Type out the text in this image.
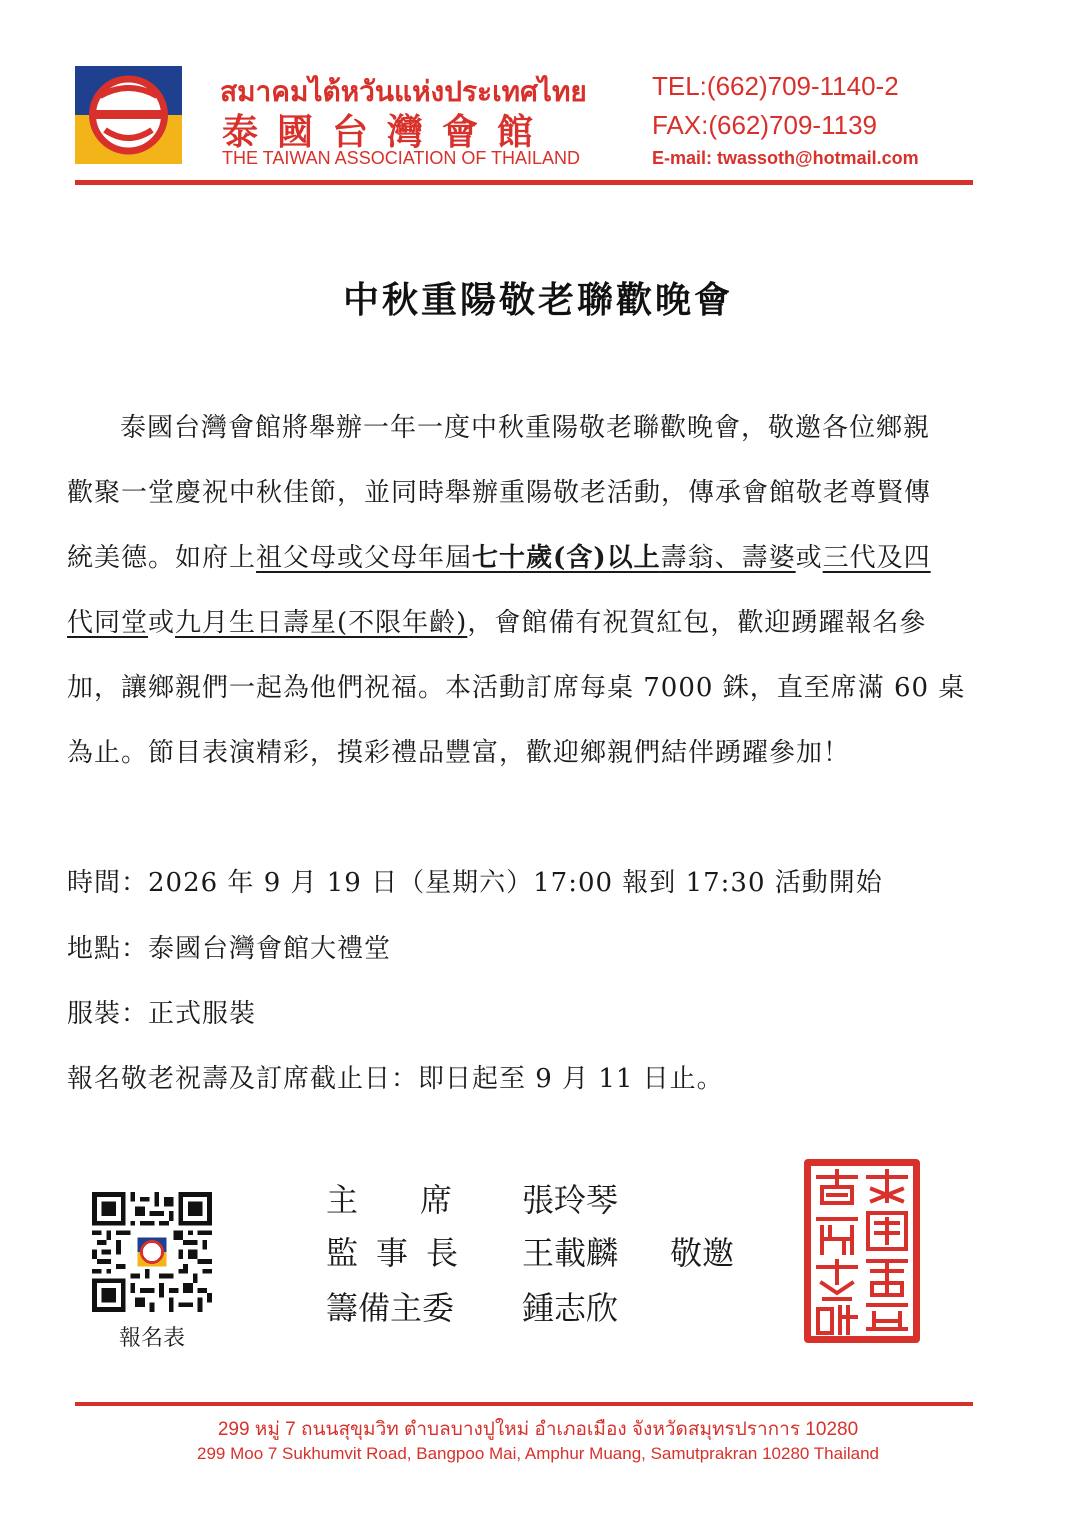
สมาคมไต้หวันแห่งประเทศไทย
泰國台灣會館
THE TAIWAN ASSOCIATION OF THAILAND
TEL:(662)709-1140-2
FAX:(662)709-1139
E-mail: twassoth@hotmail.com
中秋重陽敬老聯歡晚會
泰國台灣會館將舉辦一年一度中秋重陽敬老聯歡晚會，敬邀各位鄉親
歡聚一堂慶祝中秋佳節，並同時舉辦重陽敬老活動，傳承會館敬老尊賢傳
統美德。如府上祖父母或父母年屆七十歲(含)以上壽翁、壽婆或三代及四
代同堂或九月生日壽星(不限年齡)，會館備有祝賀紅包，歡迎踴躍報名參
加，讓鄉親們一起為他們祝福。本活動訂席每桌 7000 銖，直至席滿 60 桌
為止。節目表演精彩，摸彩禮品豐富，歡迎鄉親們結伴踴躍參加！
時間：2026 年 9 月 19 日（星期六）17:00 報到 17:30 活動開始
地點：泰國台灣會館大禮堂
服裝：正式服裝
報名敬老祝壽及訂席截止日：即日起至 9 月 11 日止。
報名表
主席 張玲琴
監事長 王載麟 敬邀
籌備主委 鍾志欣
299 หมู่ 7 ถนนสุขุมวิท ตำบลบางปูใหม่ อำเภอเมือง จังหวัดสมุทรปราการ 10280
299 Moo 7 Sukhumvit Road, Bangpoo Mai, Amphur Muang, Samutprakran 10280 Thailand
